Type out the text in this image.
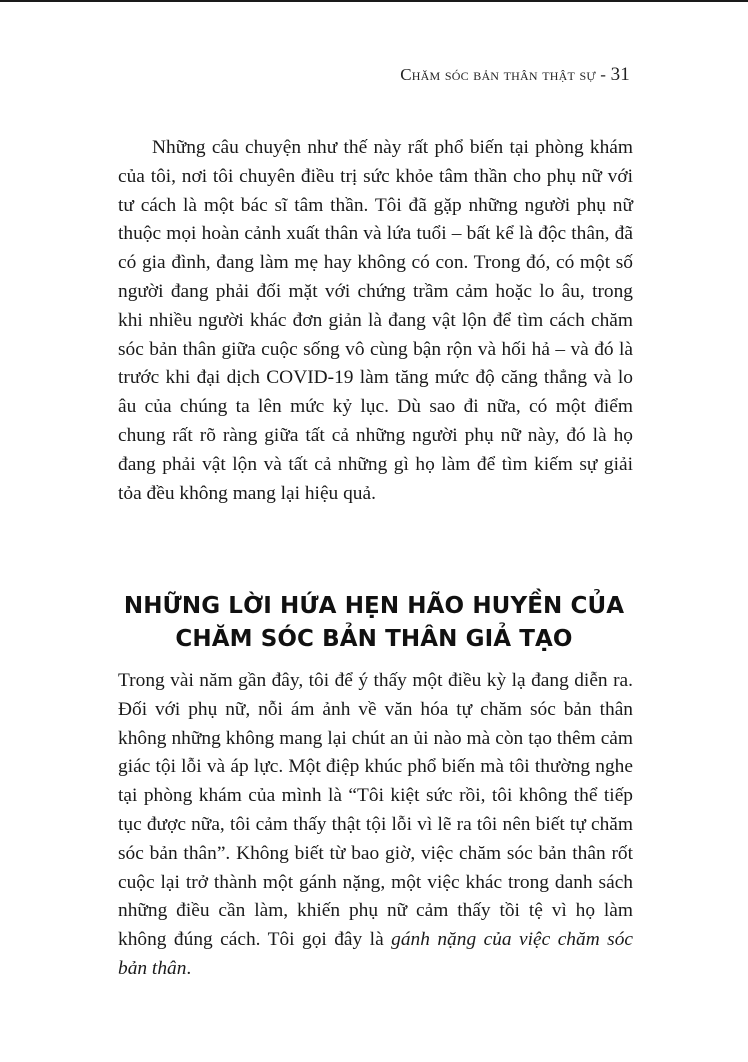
Chăm sóc bản thân thật sự - 31

Những câu chuyện như thế này rất phổ biến tại phòng khám của tôi, nơi tôi chuyên điều trị sức khỏe tâm thần cho phụ nữ với tư cách là một bác sĩ tâm thần. Tôi đã gặp những người phụ nữ thuộc mọi hoàn cảnh xuất thân và lứa tuổi – bất kể là độc thân, đã có gia đình, đang làm mẹ hay không có con. Trong đó, có một số người đang phải đối mặt với chứng trầm cảm hoặc lo âu, trong khi nhiều người khác đơn giản là đang vật lộn để tìm cách chăm sóc bản thân giữa cuộc sống vô cùng bận rộn và hối hả – và đó là trước khi đại dịch COVID-19 làm tăng mức độ căng thẳng và lo âu của chúng ta lên mức kỷ lục. Dù sao đi nữa, có một điểm chung rất rõ ràng giữa tất cả những người phụ nữ này, đó là họ đang phải vật lộn và tất cả những gì họ làm để tìm kiếm sự giải tỏa đều không mang lại hiệu quả.

NHỮNG LỜI HỨA HẸN HÃO HUYỀN CỦA
CHĂM SÓC BẢN THÂN GIẢ TẠO

Trong vài năm gần đây, tôi để ý thấy một điều kỳ lạ đang diễn ra. Đối với phụ nữ, nỗi ám ảnh về văn hóa tự chăm sóc bản thân không những không mang lại chút an ủi nào mà còn tạo thêm cảm giác tội lỗi và áp lực. Một điệp khúc phổ biến mà tôi thường nghe tại phòng khám của mình là “Tôi kiệt sức rồi, tôi không thể tiếp tục được nữa, tôi cảm thấy thật tội lỗi vì lẽ ra tôi nên biết tự chăm sóc bản thân”. Không biết từ bao giờ, việc chăm sóc bản thân rốt cuộc lại trở thành một gánh nặng, một việc khác trong danh sách những điều cần làm, khiến phụ nữ cảm thấy tồi tệ vì họ làm không đúng cách. Tôi gọi đây là gánh nặng của việc chăm sóc bản thân.
